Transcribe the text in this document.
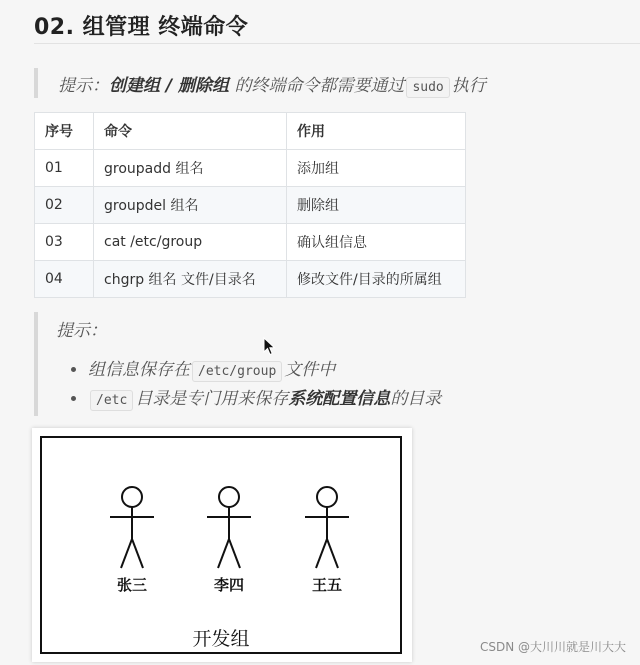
02. 组管理 终端命令
提示：创建组 / 删除组 的终端命令都需要通过 sudo 执行
序号	命令	作用
01	groupadd 组名	添加组
02	groupdel 组名	删除组
03	cat /etc/group	确认组信息
04	chgrp 组名 文件/目录名	修改文件/目录的所属组
提示：
• 组信息保存在 /etc/group 文件中
• /etc 目录是专门用来保存系统配置信息的目录
张三	李四	王五
开发组	CSDN @大川川就是川大大
